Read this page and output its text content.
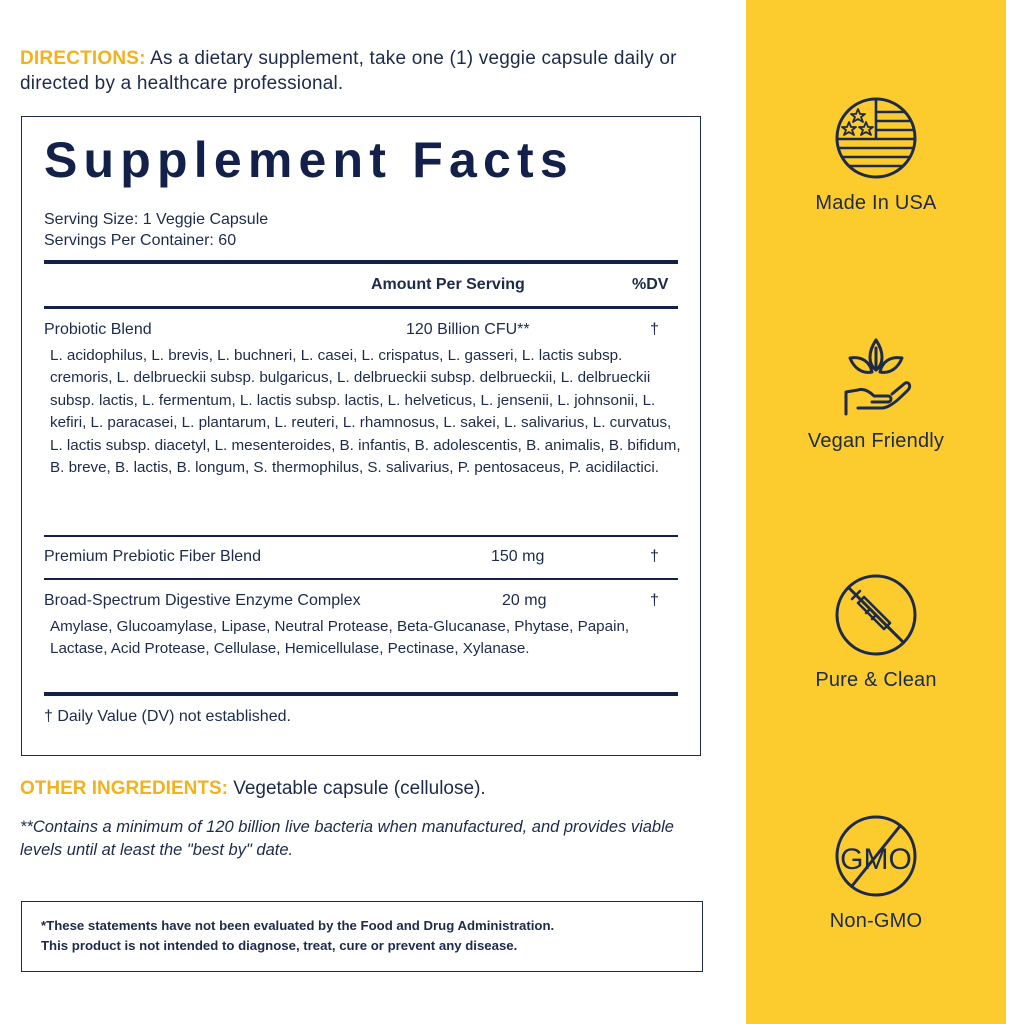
DIRECTIONS: As a dietary supplement, take one (1) veggie capsule daily or directed by a healthcare professional.
Supplement Facts
Serving Size: 1 Veggie Capsule
Servings Per Container: 60
Amount Per Serving	%DV
Probiotic Blend	120 Billion CFU**	†
L. acidophilus, L. brevis, L. buchneri, L. casei, L. crispatus, L. gasseri, L. lactis subsp. cremoris, L. delbrueckii subsp. bulgaricus, L. delbrueckii subsp. delbrueckii, L. delbrueckii subsp. lactis, L. fermentum, L. lactis subsp. lactis, L. helveticus, L. jensenii, L. johnsonii, L. kefiri, L. paracasei, L. plantarum, L. reuteri, L. rhamnosus, L. sakei, L. salivarius, L. curvatus, L. lactis subsp. diacetyl, L. mesenteroides, B. infantis, B. adolescentis, B. animalis, B. bifidum, B. breve, B. lactis, B. longum, S. thermophilus, S. salivarius, P. pentosaceus, P. acidilactici.
Premium Prebiotic Fiber Blend	150 mg	†
Broad-Spectrum Digestive Enzyme Complex	20 mg	†
Amylase, Glucoamylase, Lipase, Neutral Protease, Beta-Glucanase, Phytase, Papain, Lactase, Acid Protease, Cellulase, Hemicellulase, Pectinase, Xylanase.
† Daily Value (DV) not established.
OTHER INGREDIENTS: Vegetable capsule (cellulose).
**Contains a minimum of 120 billion live bacteria when manufactured, and provides viable levels until at least the "best by" date.
*These statements have not been evaluated by the Food and Drug Administration.
This product is not intended to diagnose, treat, cure or prevent any disease.
Made In USA
Vegan Friendly
Pure & Clean
GMO
Non-GMO
